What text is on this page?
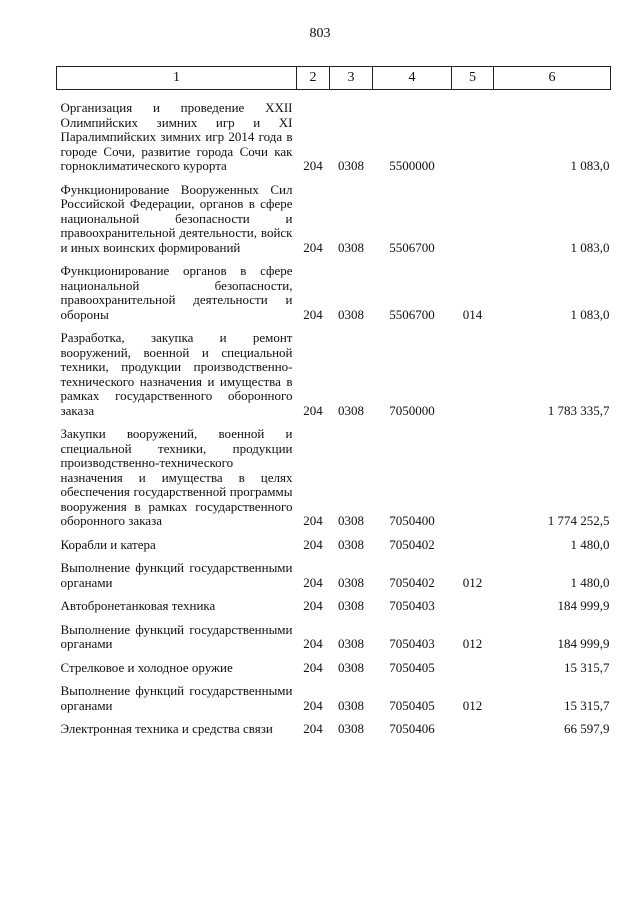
803
1	2	3	4	5	6

Организация и проведение XXII Олимпийских зимних игр и XI Паралимпийских зимних игр 2014 года в городе Сочи, развитие города Сочи как горноклиматического курорта	204	0308	5500000		1 083,0
Функционирование Вооруженных Сил Российской Федерации, органов в сфере национальной безопасности и правоохранительной деятельности, войск и иных воинских формирований	204	0308	5506700		1 083,0
Функционирование органов в сфере национальной безопасности, правоохранительной деятельности и обороны	204	0308	5506700	014	1 083,0
Разработка, закупка и ремонт вооружений, военной и специальной техники, продукции производственно-технического назначения и имущества в рамках государственного оборонного заказа	204	0308	7050000		1 783 335,7
Закупки вооружений, военной и специальной техники, продукции производственно-технического назначения и имущества в целях обеспечения государственной программы вооружения в рамках государственного оборонного заказа	204	0308	7050400		1 774 252,5
Корабли и катера	204	0308	7050402		1 480,0
Выполнение функций государственными органами	204	0308	7050402	012	1 480,0
Автобронетанковая техника	204	0308	7050403		184 999,9
Выполнение функций государственными органами	204	0308	7050403	012	184 999,9
Стрелковое и холодное оружие	204	0308	7050405		15 315,7
Выполнение функций государственными органами	204	0308	7050405	012	15 315,7
Электронная техника и средства связи	204	0308	7050406		66 597,9
